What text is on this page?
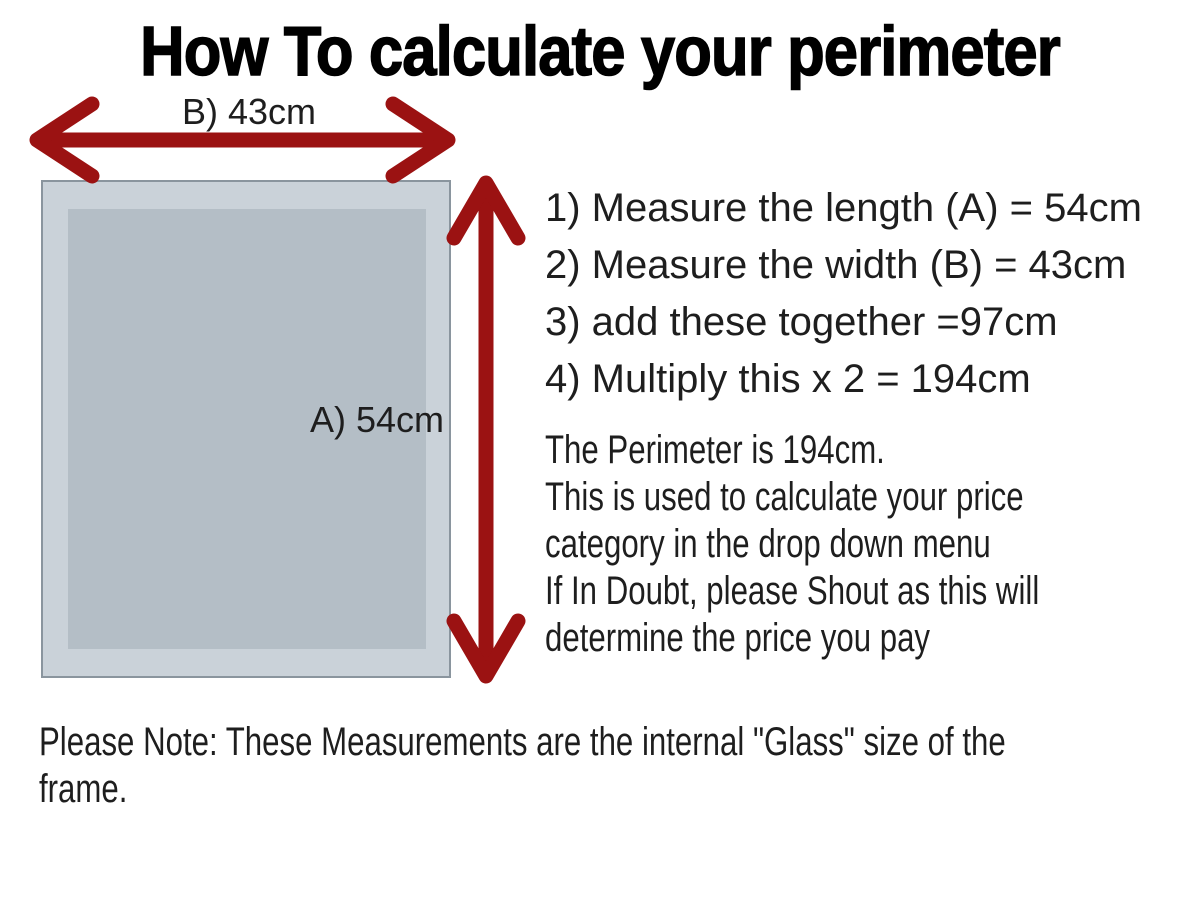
How To calculate your perimeter
B) 43cm
A) 54cm
1) Measure the length (A) = 54cm
2) Measure the width (B) = 43cm
3) add these together =97cm
4) Multiply this x 2 = 194cm
The Perimeter is 194cm.
This is used to calculate your price
category in the drop down menu
If In Doubt, please Shout as this will
determine the price you pay
Please Note: These Measurements are the internal "Glass" size of the
frame.
